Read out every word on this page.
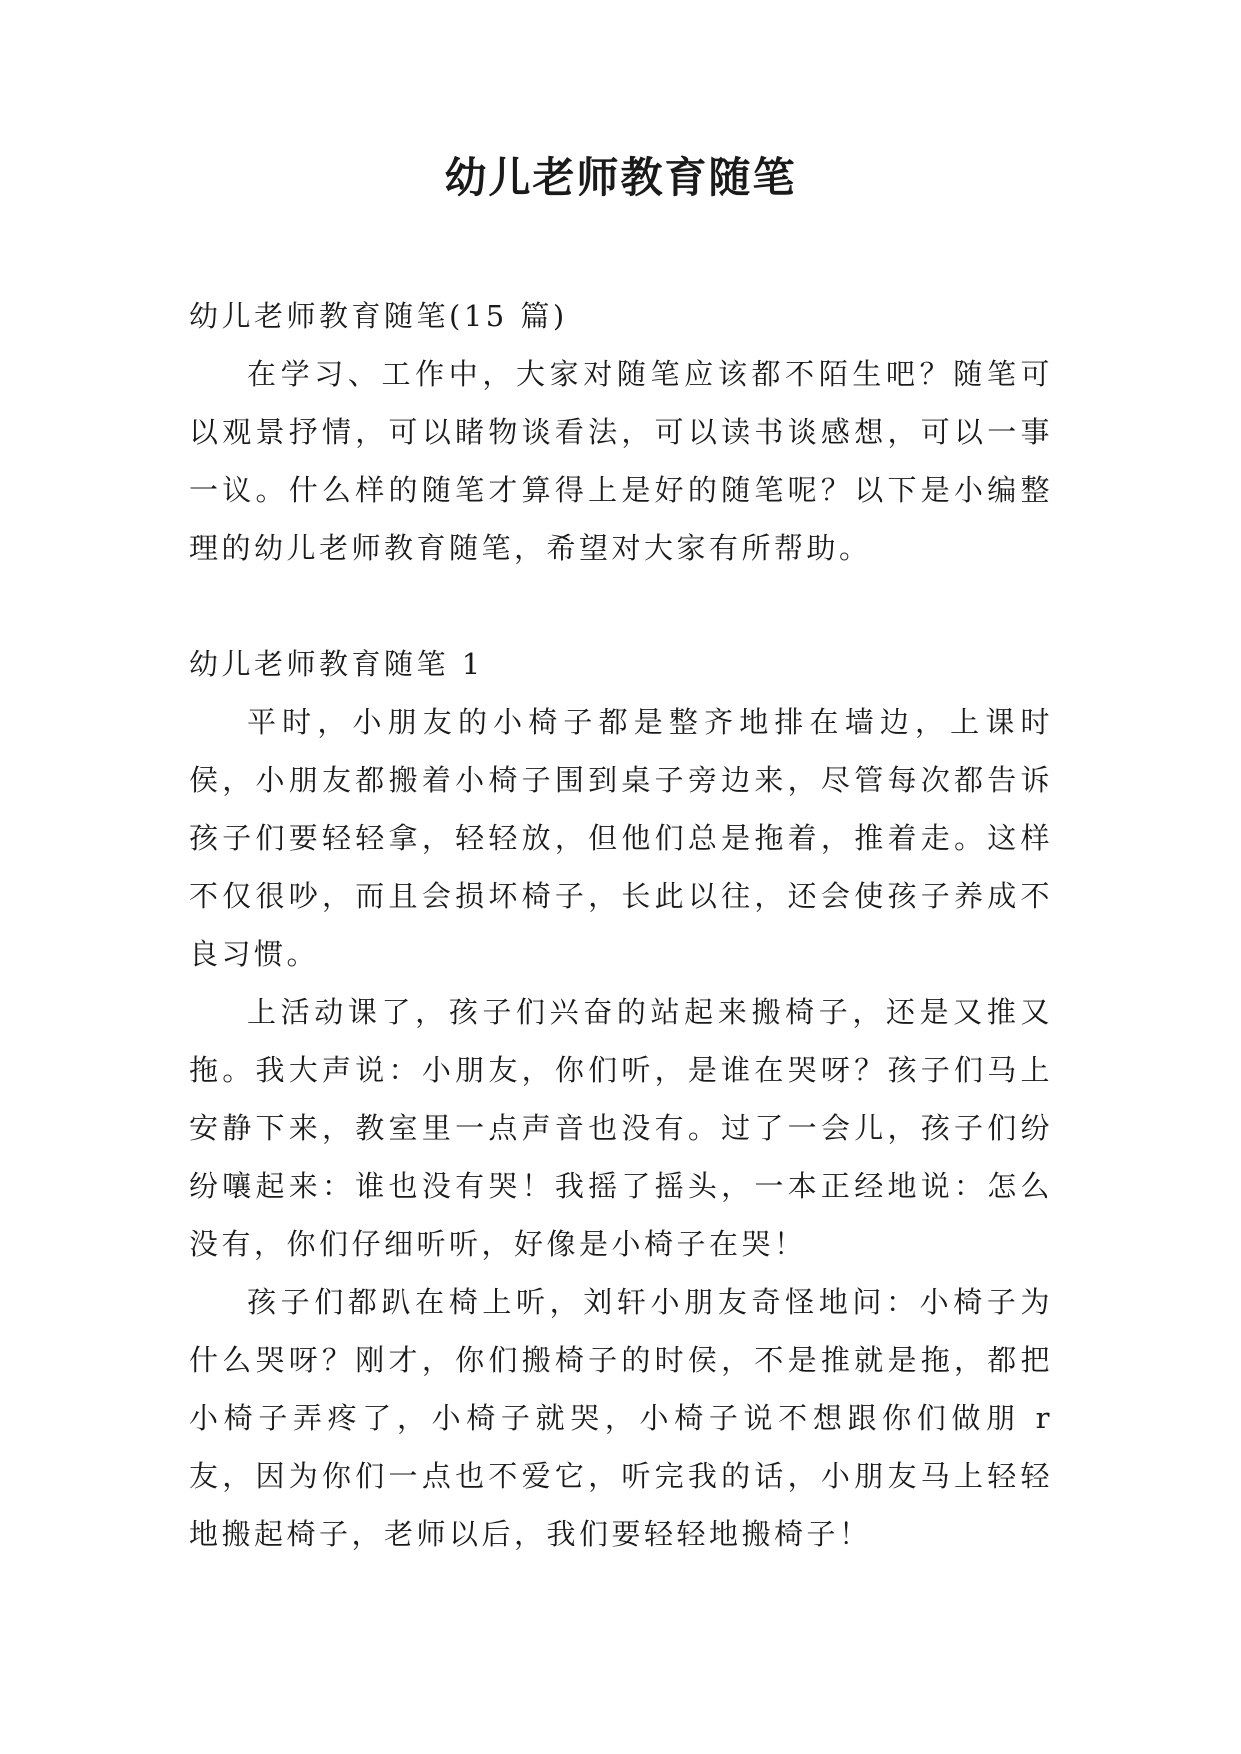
幼儿老师教育随笔

幼儿老师教育随笔(15 篇)

在学习、工作中，大家对随笔应该都不陌生吧？随笔可以观景抒情，可以睹物谈看法，可以读书谈感想，可以一事一议。什么样的随笔才算得上是好的随笔呢？以下是小编整理的幼儿老师教育随笔，希望对大家有所帮助。

幼儿老师教育随笔 1

平时，小朋友的小椅子都是整齐地排在墙边，上课时侯，小朋友都搬着小椅子围到桌子旁边来，尽管每次都告诉孩子们要轻轻拿，轻轻放，但他们总是拖着，推着走。这样不仅很吵，而且会损坏椅子，长此以往，还会使孩子养成不良习惯。

上活动课了，孩子们兴奋的站起来搬椅子，还是又推又拖。我大声说：小朋友，你们听，是谁在哭呀？孩子们马上安静下来，教室里一点声音也没有。过了一会儿，孩子们纷纷嚷起来：谁也没有哭！我摇了摇头，一本正经地说：怎么没有，你们仔细听听，好像是小椅子在哭！

孩子们都趴在椅上听，刘轩小朋友奇怪地问：小椅子为什么哭呀？刚才，你们搬椅子的时侯，不是推就是拖，都把小椅子弄疼了，小椅子就哭，小椅子说不想跟你们做朋 r 友，因为你们一点也不爱它，听完我的话，小朋友马上轻轻地搬起椅子，老师以后，我们要轻轻地搬椅子！
